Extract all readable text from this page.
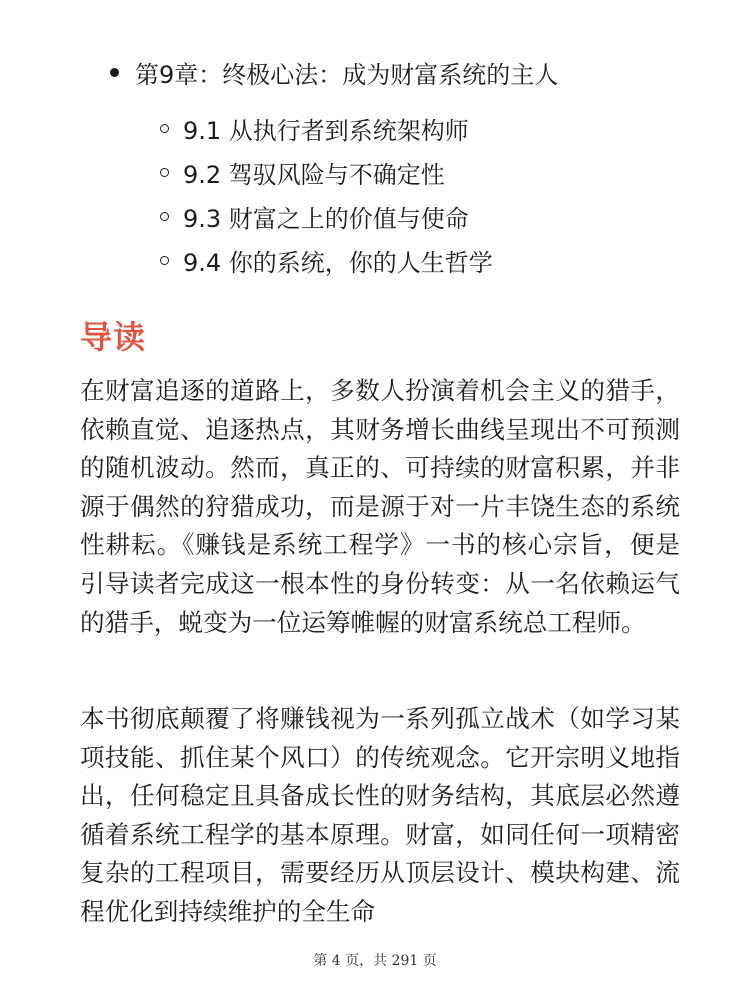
第9章：终极心法：成为财富系统的主人
9.1 从执行者到系统架构师
9.2 驾驭风险与不确定性
9.3 财富之上的价值与使命
9.4 你的系统，你的人生哲学
导读

在财富追逐的道路上，多数人扮演着机会主义的猎手，依赖直觉、追逐热点，其财务增长曲线呈现出不可预测的随机波动。然而，真正的、可持续的财富积累，并非源于偶然的狩猎成功，而是源于对一片丰饶生态的系统性耕耘。《赚钱是系统工程学》一书的核心宗旨，便是引导读者完成这一根本性的身份转变：从一名依赖运气的猎手，蜕变为一位运筹帷幄的财富系统总工程师。

本书彻底颠覆了将赚钱视为一系列孤立战术（如学习某项技能、抓住某个风口）的传统观念。它开宗明义地指出，任何稳定且具备成长性的财务结构，其底层必然遵循着系统工程学的基本原理。财富，如同任何一项精密复杂的工程项目，需要经历从顶层设计、模块构建、流程优化到持续维护的全生命

第 4 页，共 291 页
